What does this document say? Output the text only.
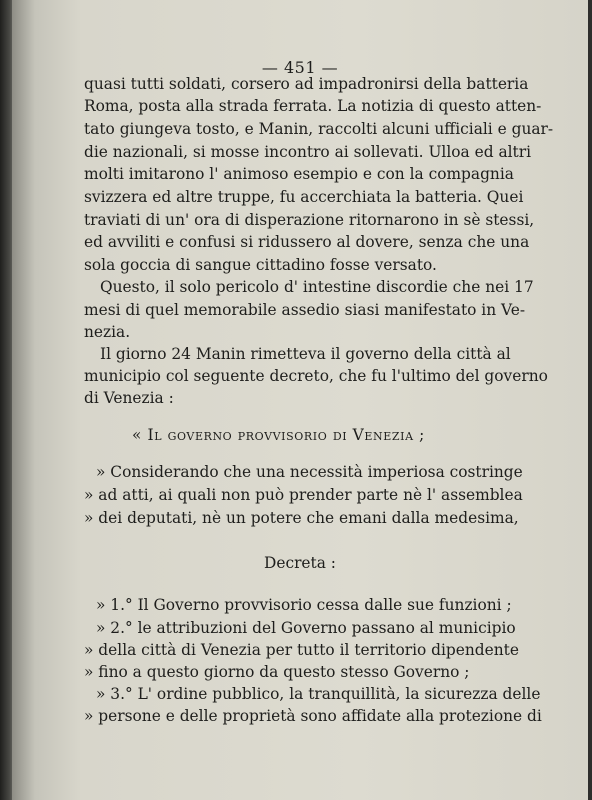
— 451 —
quasi tutti soldati, corsero ad impadronirsi della batteria
Roma, posta alla strada ferrata. La notizia di questo atten-
tato giungeva tosto, e Manin, raccolti alcuni ufficiali e guar-
die nazionali, si mosse incontro ai sollevati. Ulloa ed altri
molti imitarono l' animoso esempio e con la compagnia
svizzera ed altre truppe, fu accerchiata la batteria. Quei
traviati di un' ora di disperazione ritornarono in sè stessi,
ed avviliti e confusi si ridussero al dovere, senza che una
sola goccia di sangue cittadino fosse versato.
Questo, il solo pericolo d' intestine discordie che nei 17
mesi di quel memorabile assedio siasi manifestato in Ve-
nezia.
Il giorno 24 Manin rimetteva il governo della città al
municipio col seguente decreto, che fu l'ultimo del governo
di Venezia :
« Il governo provvisorio di Venezia ;
» Considerando che una necessità imperiosa costringe
» ad atti, ai quali non può prender parte nè l' assemblea
» dei deputati, nè un potere che emani dalla medesima,
Decreta :
» 1.° Il Governo provvisorio cessa dalle sue funzioni ;
» 2.° le attribuzioni del Governo passano al municipio
» della città di Venezia per tutto il territorio dipendente
» fino a questo giorno da questo stesso Governo ;
» 3.° L' ordine pubblico, la tranquillità, la sicurezza delle
» persone e delle proprietà sono affidate alla protezione di
